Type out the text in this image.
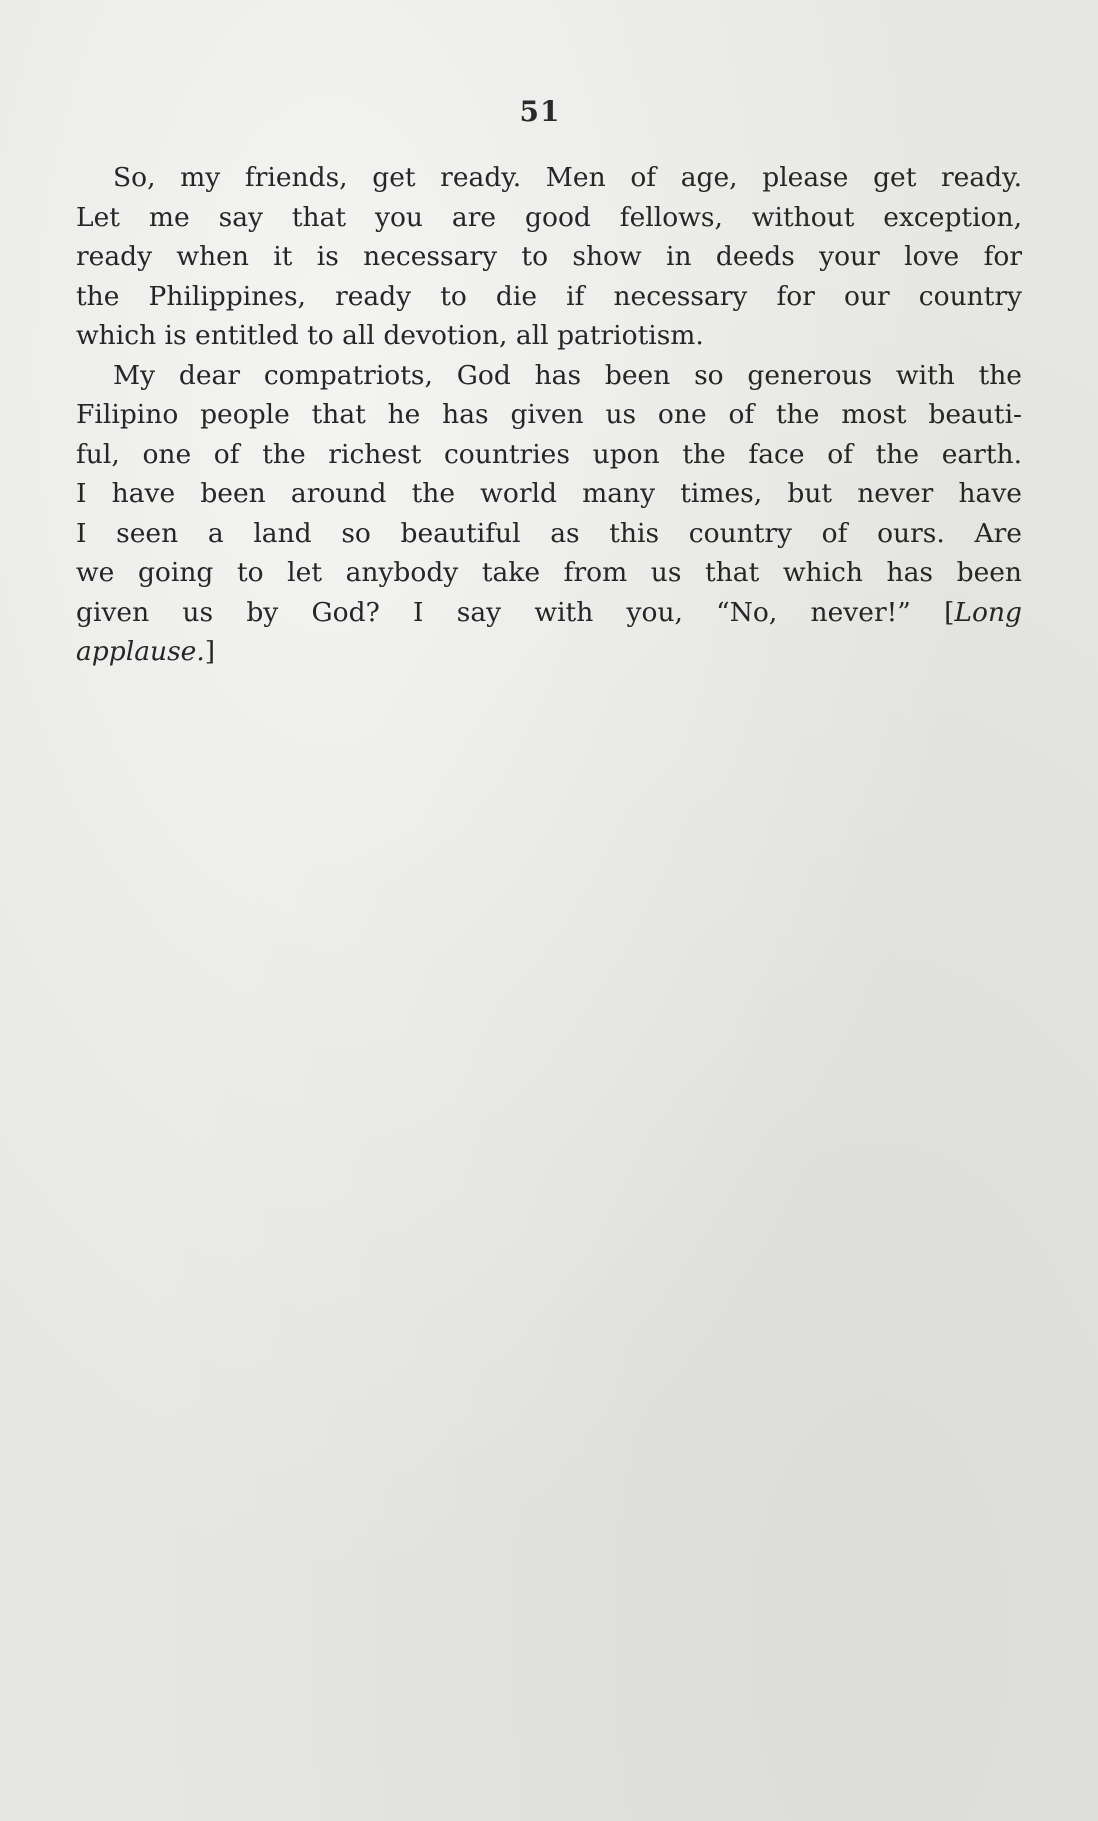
51
So, my friends, get ready. Men of age, please get ready.
Let me say that you are good fellows, without exception,
ready when it is necessary to show in deeds your love for
the Philippines, ready to die if necessary for our country
which is entitled to all devotion, all patriotism.
My dear compatriots, God has been so generous with the
Filipino people that he has given us one of the most beauti-
ful, one of the richest countries upon the face of the earth.
I have been around the world many times, but never have
I seen a land so beautiful as this country of ours. Are
we going to let anybody take from us that which has been
given us by God? I say with you, “No, never!” [Long
applause.]
